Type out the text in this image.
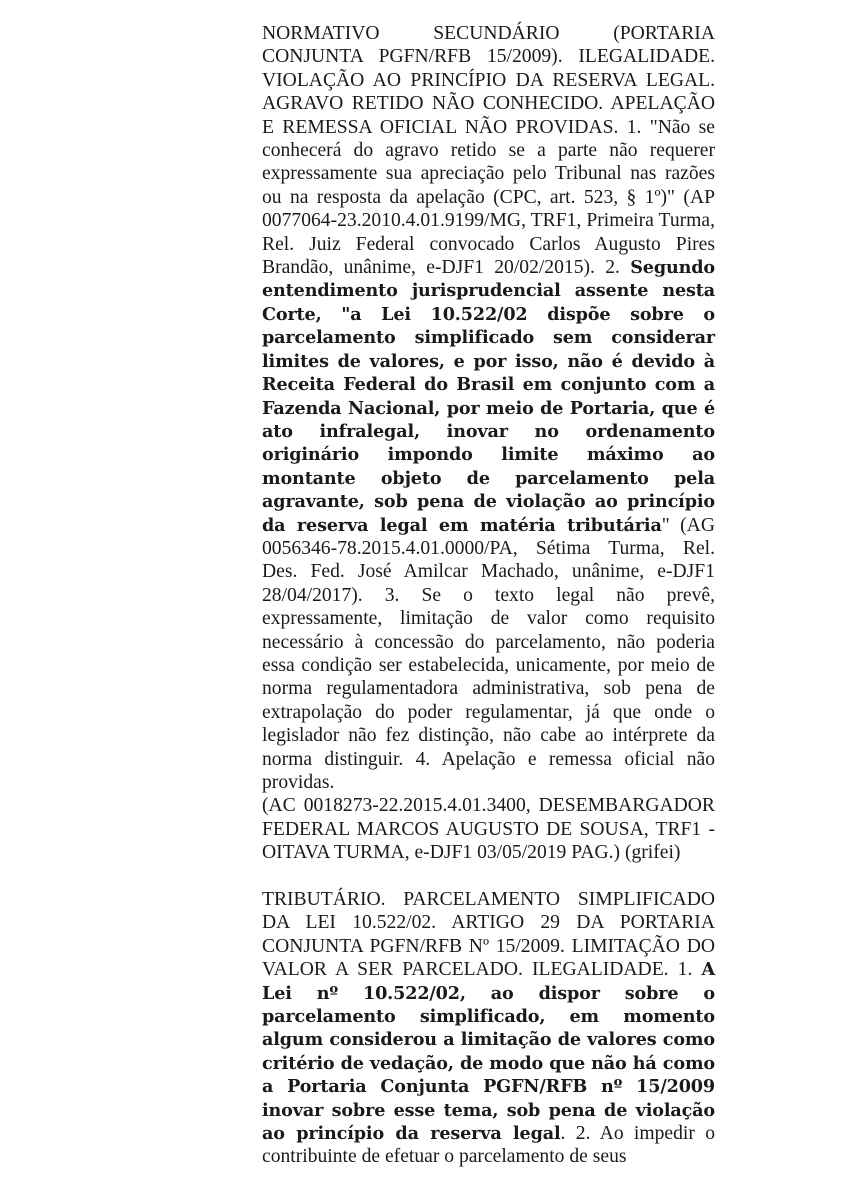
NORMATIVO SECUNDÁRIO (PORTARIA CONJUNTA PGFN/RFB 15/2009). ILEGALIDADE. VIOLAÇÃO AO PRINCÍPIO DA RESERVA LEGAL. AGRAVO RETIDO NÃO CONHECIDO. APELAÇÃO E REMESSA OFICIAL NÃO PROVIDAS. 1. "Não se conhecerá do agravo retido se a parte não requerer expressamente sua apreciação pelo Tribunal nas razões ou na resposta da apelação (CPC, art. 523, § 1º)" (AP 0077064-23.2010.4.01.9199/MG, TRF1, Primeira Turma, Rel. Juiz Federal convocado Carlos Augusto Pires Brandão, unânime, e-DJF1 20/02/2015). 2. Segundo entendimento jurisprudencial assente nesta Corte, "a Lei 10.522/02 dispõe sobre o parcelamento simplificado sem considerar limites de valores, e por isso, não é devido à Receita Federal do Brasil em conjunto com a Fazenda Nacional, por meio de Portaria, que é ato infralegal, inovar no ordenamento originário impondo limite máximo ao montante objeto de parcelamento pela agravante, sob pena de violação ao princípio da reserva legal em matéria tributária" (AG 0056346-78.2015.4.01.0000/PA, Sétima Turma, Rel. Des. Fed. José Amilcar Machado, unânime, e-DJF1 28/04/2017). 3. Se o texto legal não prevê, expressamente, limitação de valor como requisito necessário à concessão do parcelamento, não poderia essa condição ser estabelecida, unicamente, por meio de norma regulamentadora administrativa, sob pena de extrapolação do poder regulamentar, já que onde o legislador não fez distinção, não cabe ao intérprete da norma distinguir. 4. Apelação e remessa oficial não providas.

(AC 0018273-22.2015.4.01.3400, DESEMBARGADOR FEDERAL MARCOS AUGUSTO DE SOUSA, TRF1 - OITAVA TURMA, e-DJF1 03/05/2019 PAG.) (grifei)

TRIBUTÁRIO. PARCELAMENTO SIMPLIFICADO DA LEI 10.522/02. ARTIGO 29 DA PORTARIA CONJUNTA PGFN/RFB Nº 15/2009. LIMITAÇÃO DO VALOR A SER PARCELADO. ILEGALIDADE. 1. A Lei nº 10.522/02, ao dispor sobre o parcelamento simplificado, em momento algum considerou a limitação de valores como critério de vedação, de modo que não há como a Portaria Conjunta PGFN/RFB nº 15/2009 inovar sobre esse tema, sob pena de violação ao princípio da reserva legal. 2. Ao impedir o contribuinte de efetuar o parcelamento de seus
